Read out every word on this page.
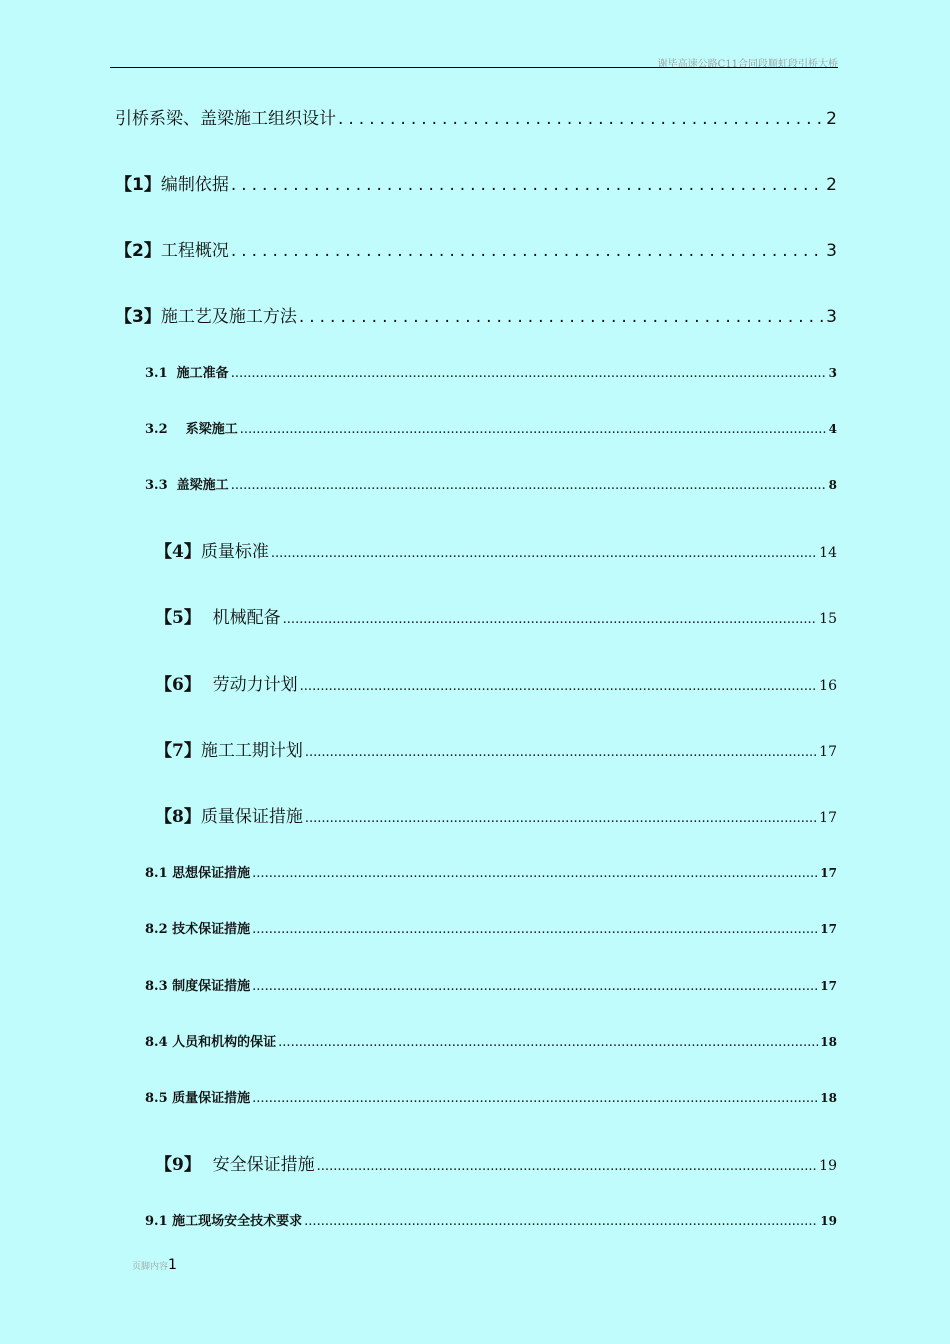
谢毕高速公路C11合同段顺虹段引桥大桥
引桥系梁、盖梁施工组织设计 .....	2
【1】 编制依据 .....	2
【2】 工程概况 .....	3
【3】 施工艺及施工方法 .....	3
3.1 施工准备 .....	3
3.2 系梁施工 .....	4
3.3 盖梁施工 .....	8
【4】 质量标准 .....	14
【5】 机械配备 .....	15
【6】 劳动力计划 .....	16
【7】 施工工期计划 .....	17
【8】 质量保证措施 .....	17
8.1 思想保证措施 .....	17
8.2 技术保证措施 .....	17
8.3 制度保证措施 .....	17
8.4 人员和机构的保证 .....	18
8.5 质量保证措施 .....	18
【9】 安全保证措施 .....	19
9.1 施工现场安全技术要求 .....	19
页脚内容1
